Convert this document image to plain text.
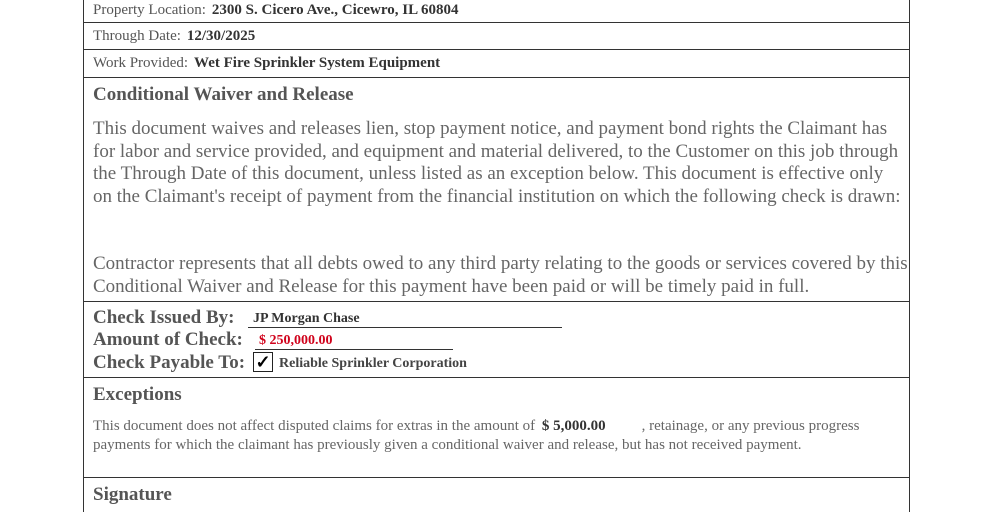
Property Location: 2300 S. Cicero Ave., Cicewro, IL 60804
Through Date: 12/30/2025
Work Provided: Wet Fire Sprinkler System Equipment
Conditional Waiver and Release
This document waives and releases lien, stop payment notice, and payment bond rights the Claimant has for labor and service provided, and equipment and material delivered, to the Customer on this job through the Through Date of this document, unless listed as an exception below. This document is effective only on the Claimant's receipt of payment from the financial institution on which the following check is drawn:
Contractor represents that all debts owed to any third party relating to the goods or services covered by this Conditional Waiver and Release for this payment have been paid or will be timely paid in full.
Check Issued By: JP Morgan Chase
Amount of Check: $ 250,000.00
Check Payable To: ✓ Reliable Sprinkler Corporation
Exceptions
This document does not affect disputed claims for extras in the amount of $ 5,000.00 , retainage, or any previous progress payments for which the claimant has previously given a conditional waiver and release, but has not received payment.
Signature
